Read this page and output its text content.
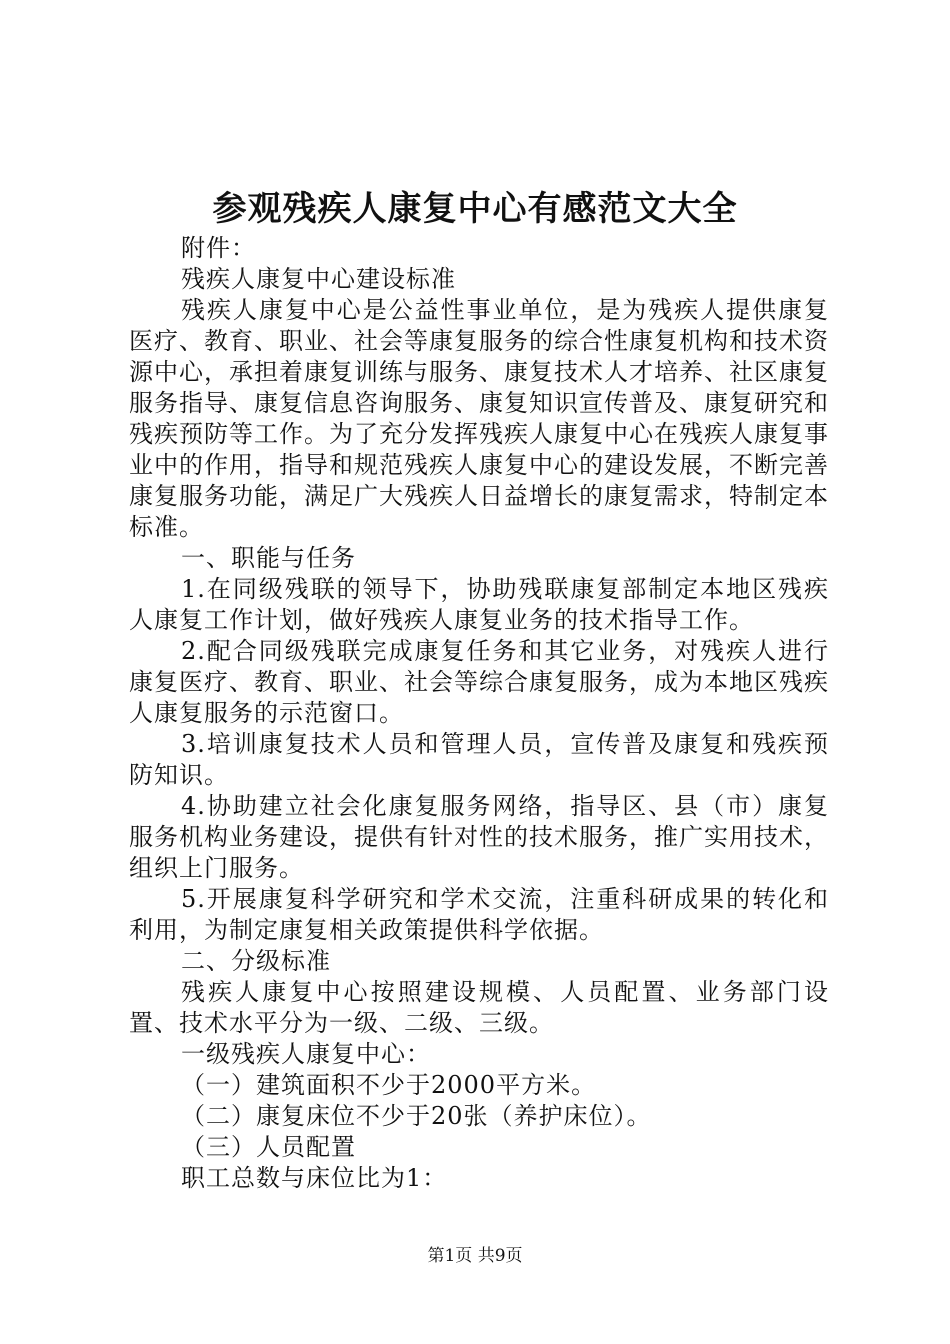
参观残疾人康复中心有感范文大全

附件：

残疾人康复中心建设标准

残疾人康复中心是公益性事业单位，是为残疾人提供康复医疗、教育、职业、社会等康复服务的综合性康复机构和技术资源中心，承担着康复训练与服务、康复技术人才培养、社区康复服务指导、康复信息咨询服务、康复知识宣传普及、康复研究和残疾预防等工作。为了充分发挥残疾人康复中心在残疾人康复事业中的作用，指导和规范残疾人康复中心的建设发展，不断完善康复服务功能，满足广大残疾人日益增长的康复需求，特制定本标准。

一、职能与任务

1.在同级残联的领导下，协助残联康复部制定本地区残疾人康复工作计划，做好残疾人康复业务的技术指导工作。

2.配合同级残联完成康复任务和其它业务，对残疾人进行康复医疗、教育、职业、社会等综合康复服务，成为本地区残疾人康复服务的示范窗口。

3.培训康复技术人员和管理人员，宣传普及康复和残疾预防知识。

4.协助建立社会化康复服务网络，指导区、县（市）康复服务机构业务建设，提供有针对性的技术服务，推广实用技术，组织上门服务。

5.开展康复科学研究和学术交流，注重科研成果的转化和利用，为制定康复相关政策提供科学依据。

二、分级标准

残疾人康复中心按照建设规模、人员配置、业务部门设置、技术水平分为一级、二级、三级。

一级残疾人康复中心：

（一）建筑面积不少于2000平方米。

（二）康复床位不少于20张（养护床位）。

（三）人员配置

职工总数与床位比为1：

第1页 共9页
